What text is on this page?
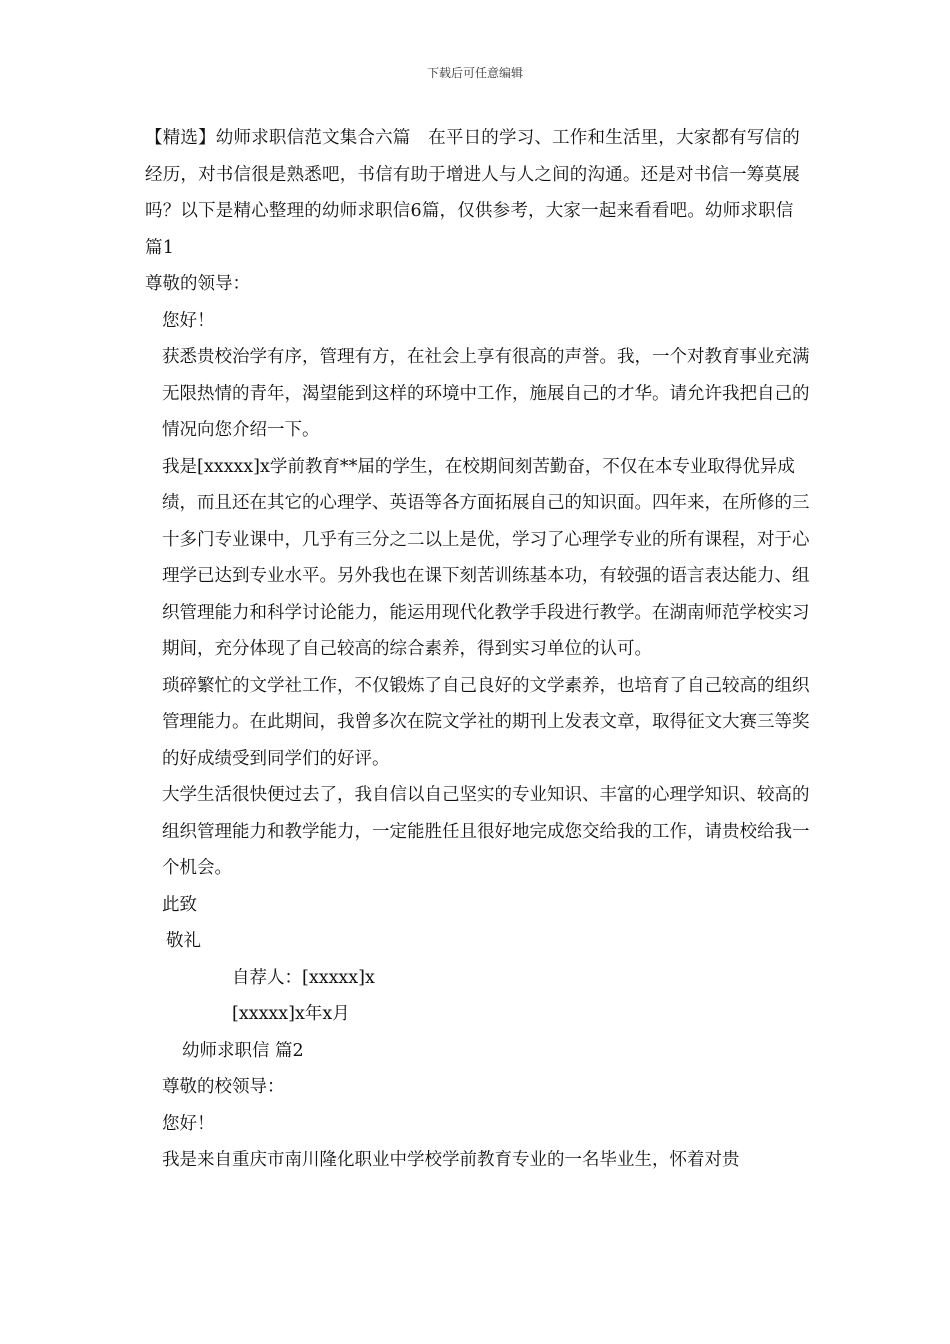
下载后可任意编辑

【精选】幼师求职信范文集合六篇　在平日的学习、工作和生活里，大家都有写信的经历，对书信很是熟悉吧，书信有助于增进人与人之间的沟通。还是对书信一筹莫展吗？以下是精心整理的幼师求职信6篇，仅供参考，大家一起来看看吧。幼师求职信 篇1

尊敬的领导：

您好！

获悉贵校治学有序，管理有方，在社会上享有很高的声誉。我，一个对教育事业充满无限热情的青年，渴望能到这样的环境中工作，施展自己的才华。请允许我把自己的情况向您介绍一下。

我是[xxxxx]x学前教育**届的学生，在校期间刻苦勤奋，不仅在本专业取得优异成绩，而且还在其它的心理学、英语等各方面拓展自己的知识面。四年来，在所修的三十多门专业课中，几乎有三分之二以上是优，学习了心理学专业的所有课程，对于心理学已达到专业水平。另外我也在课下刻苦训练基本功，有较强的语言表达能力、组织管理能力和科学讨论能力，能运用现代化教学手段进行教学。在湖南师范学校实习期间，充分体现了自己较高的综合素养，得到实习单位的认可。

琐碎繁忙的文学社工作，不仅锻炼了自己良好的文学素养，也培育了自己较高的组织管理能力。在此期间，我曾多次在院文学社的期刊上发表文章，取得征文大赛三等奖的好成绩受到同学们的好评。

大学生活很快便过去了，我自信以自己坚实的专业知识、丰富的心理学知识、较高的组织管理能力和教学能力，一定能胜任且很好地完成您交给我的工作，请贵校给我一个机会。

此致

敬礼

自荐人：[xxxxx]x

[xxxxx]x年x月

幼师求职信 篇2

尊敬的校领导：

您好！

我是来自重庆市南川隆化职业中学校学前教育专业的一名毕业生，怀着对贵
